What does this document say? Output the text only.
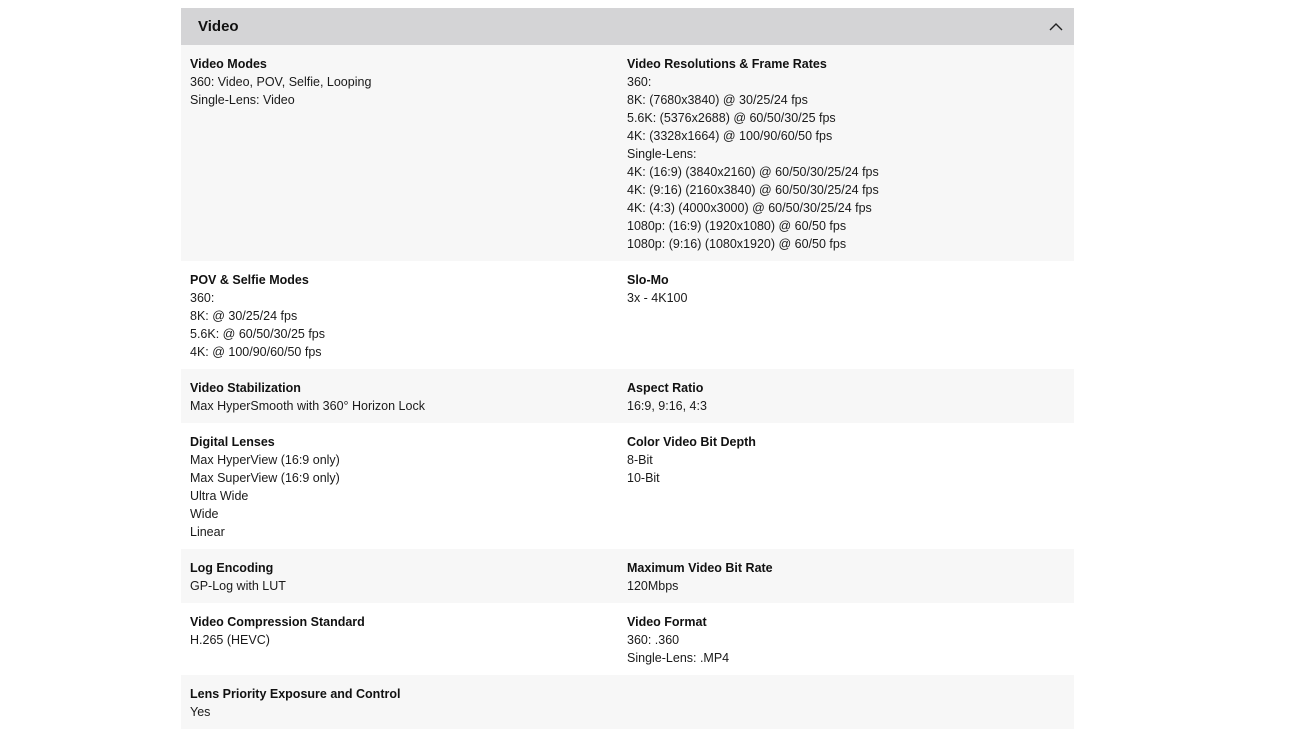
Video
Video Modes
360: Video, POV, Selfie, Looping
Single-Lens: Video
Video Resolutions & Frame Rates
360:
8K: (7680x3840) @ 30/25/24 fps
5.6K: (5376x2688) @ 60/50/30/25 fps
4K: (3328x1664) @ 100/90/60/50 fps
Single-Lens:
4K: (16:9) (3840x2160) @ 60/50/30/25/24 fps
4K: (9:16) (2160x3840) @ 60/50/30/25/24 fps
4K: (4:3) (4000x3000) @ 60/50/30/25/24 fps
1080p: (16:9) (1920x1080) @ 60/50 fps
1080p: (9:16) (1080x1920) @ 60/50 fps
POV & Selfie Modes
360:
8K: @ 30/25/24 fps
5.6K: @ 60/50/30/25 fps
4K: @ 100/90/60/50 fps
Slo-Mo
3x - 4K100
Video Stabilization
Max HyperSmooth with 360° Horizon Lock
Aspect Ratio
16:9, 9:16, 4:3
Digital Lenses
Max HyperView (16:9 only)
Max SuperView (16:9 only)
Ultra Wide
Wide
Linear
Color Video Bit Depth
8-Bit
10-Bit
Log Encoding
GP-Log with LUT
Maximum Video Bit Rate
120Mbps
Video Compression Standard
H.265 (HEVC)
Video Format
360: .360
Single-Lens: .MP4
Lens Priority Exposure and Control
Yes
